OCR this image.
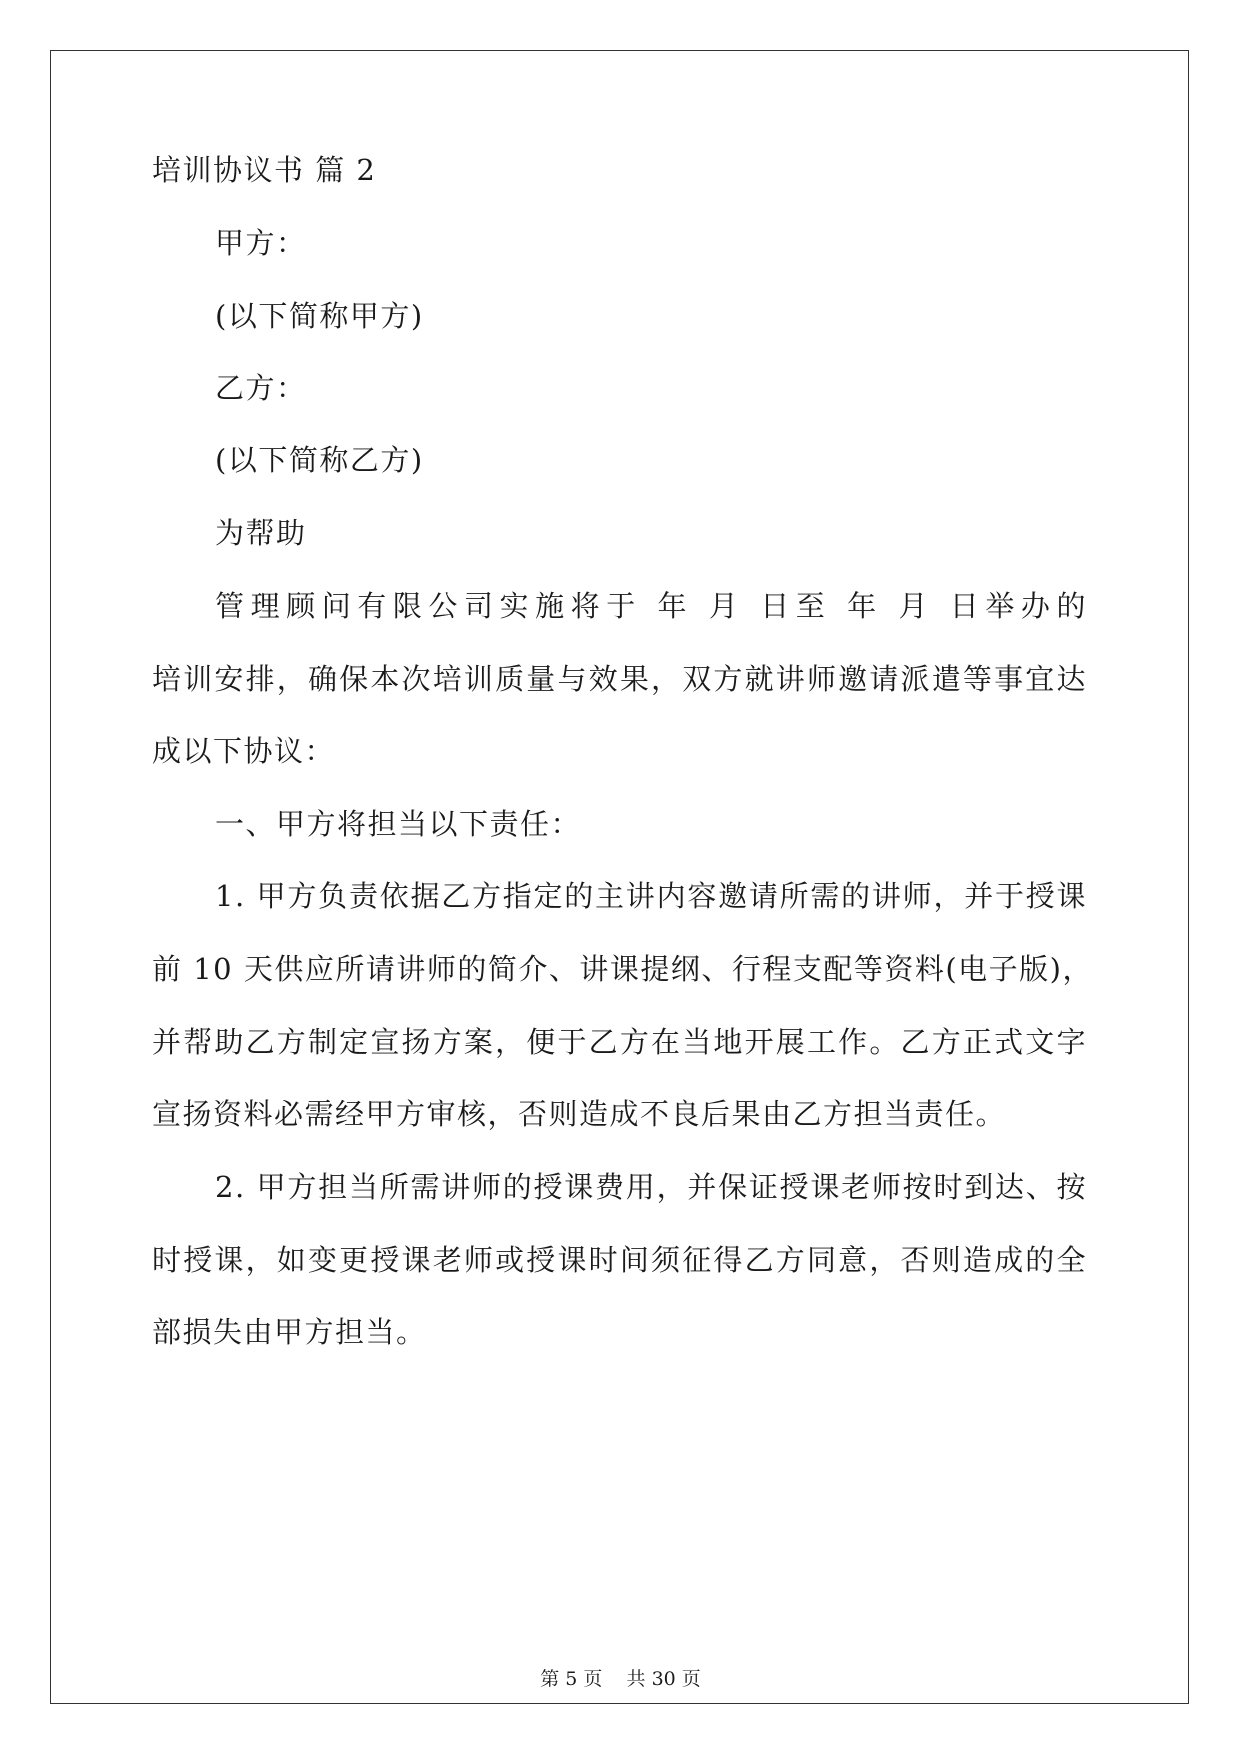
培训协议书 篇 2
甲方：
(以下简称甲方)
乙方：
(以下简称乙方)
为帮助
管理顾问有限公司实施将于 年 月 日至 年 月 日举办的
培训安排，确保本次培训质量与效果，双方就讲师邀请派遣等事宜达
成以下协议：
一、甲方将担当以下责任：
1. 甲方负责依据乙方指定的主讲内容邀请所需的讲师，并于授课
前 10 天供应所请讲师的简介、讲课提纲、行程支配等资料(电子版)，
并帮助乙方制定宣扬方案，便于乙方在当地开展工作。乙方正式文字
宣扬资料必需经甲方审核，否则造成不良后果由乙方担当责任。
2. 甲方担当所需讲师的授课费用，并保证授课老师按时到达、按
时授课，如变更授课老师或授课时间须征得乙方同意，否则造成的全
部损失由甲方担当。
第 5 页    共 30 页
